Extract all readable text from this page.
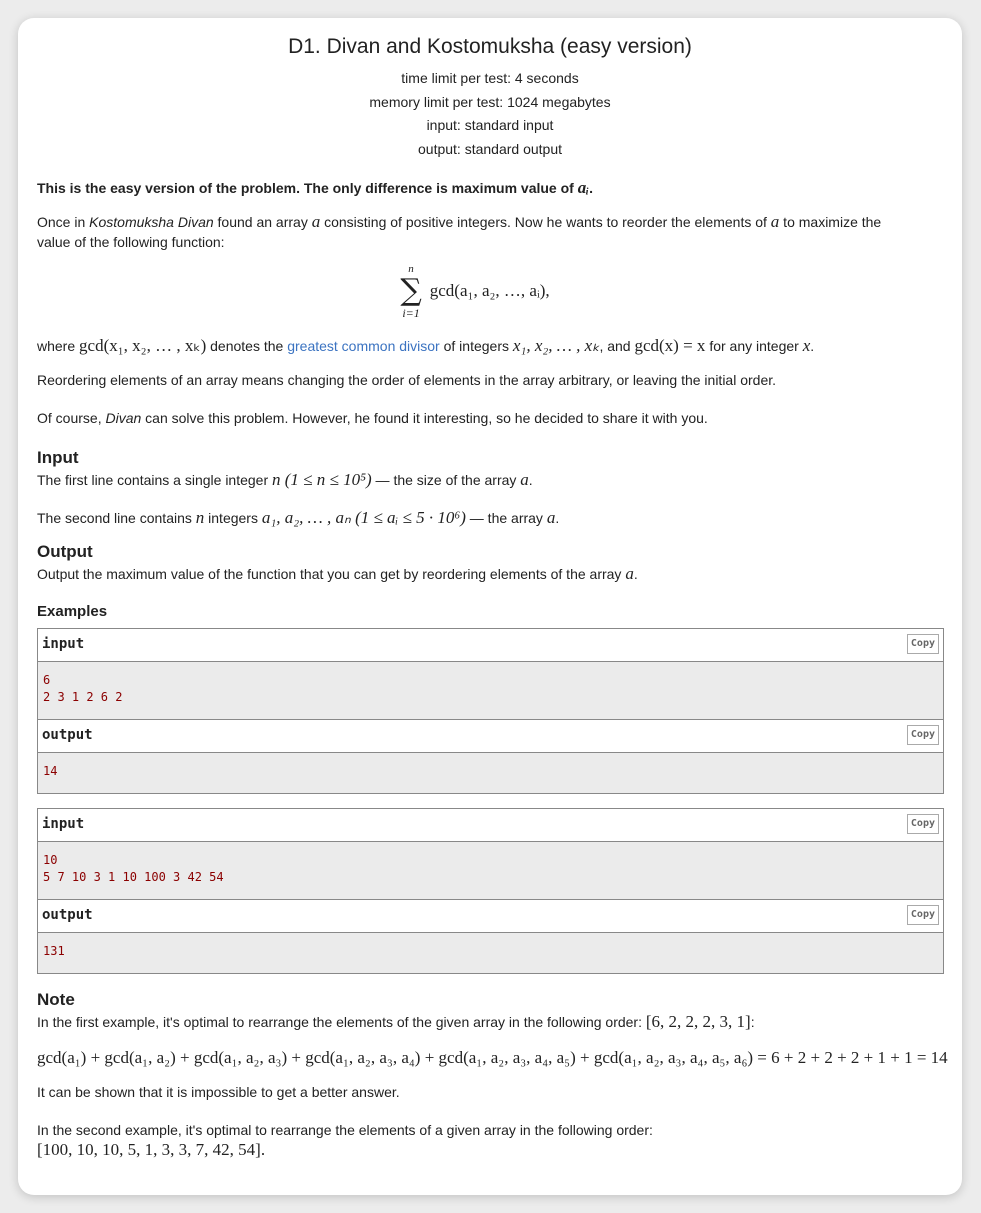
D1. Divan and Kostomuksha (easy version)
time limit per test: 4 seconds
memory limit per test: 1024 megabytes
input: standard input
output: standard output

This is the easy version of the problem. The only difference is maximum value of aᵢ.

Once in Kostomuksha Divan found an array a consisting of positive integers. Now he wants to reorder the elements of a to maximize the value of the following function:

n
∑
i=1
gcd(a₁, a₂, …, aᵢ),

where gcd(x₁, x₂, … , xₖ) denotes the greatest common divisor of integers x₁, x₂, … , xₖ, and gcd(x) = x for any integer x.

Reordering elements of an array means changing the order of elements in the array arbitrary, or leaving the initial order.

Of course, Divan can solve this problem. However, he found it interesting, so he decided to share it with you.

Input

The first line contains a single integer n (1 ≤ n ≤ 10⁵) — the size of the array a.

The second line contains n integers a₁, a₂, … , aₙ (1 ≤ aᵢ ≤ 5 · 10⁶) — the array a.

Output

Output the maximum value of the function that you can get by reordering elements of the array a.

Examples
input	Copy
6
2 3 1 2 6 2
output	Copy
14
input	Copy
10
5 7 10 3 1 10 100 3 42 54
output	Copy
131
Note

In the first example, it's optimal to rearrange the elements of the given array in the following order: [6, 2, 2, 2, 3, 1]:

gcd(a₁) + gcd(a₁, a₂) + gcd(a₁, a₂, a₃) + gcd(a₁, a₂, a₃, a₄) + gcd(a₁, a₂, a₃, a₄, a₅) + gcd(a₁, a₂, a₃, a₄, a₅, a₆) = 6 + 2 + 2 + 2 + 1 + 1 = 14

It can be shown that it is impossible to get a better answer.

In the second example, it's optimal to rearrange the elements of a given array in the following order:

[100, 10, 10, 5, 1, 3, 3, 7, 42, 54].
